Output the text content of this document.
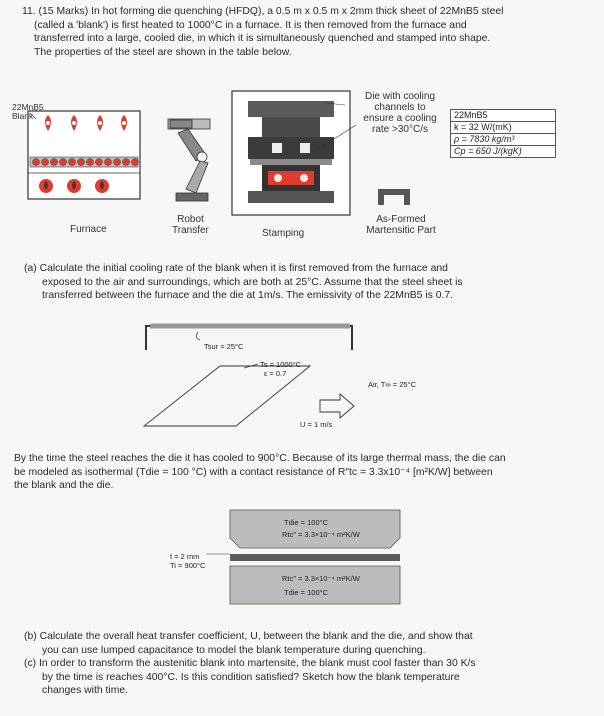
11. (15 Marks) In hot forming die quenching (HFDQ), a 0.5 m x 0.5 m x 2mm thick sheet of 22MnB5 steel
(called a 'blank') is first heated to 1000°C in a furnace. It is then removed from the furnace and
transferred into a large, cooled die, in which it is simultaneously quenched and stamped into shape.
The properties of the steel are shown in the table below.
22MnB5
Blank
Furnace
Robot
Transfer	Stamping
Die with cooling
channels to
ensure a cooling
rate >30°C/s
As-Formed
Martensitic Part
22MnB5
k = 32 W/(mK)
ρ = 7830 kg/m³
Cp = 650 J/(kgK)
(a) Calculate the initial cooling rate of the blank when it is first removed from the furnace and
exposed to the air and surroundings, which are both at 25°C. Assume that the steel sheet is
transferred between the furnace and the die at 1m/s. The emissivity of the 22MnB5 is 0.7.
Tsur = 25°C
Ts = 1000°C
ε = 0.7
Air, T∞ = 25°C
U = 1 m/s
By the time the steel reaches the die it has cooled to 900°C. Because of its large thermal mass, the die can
be modeled as isothermal (Tdie = 100 °C) with a contact resistance of R″tc = 3.3x10⁻⁴ [m²K/W] between
the blank and the die.
Tdie = 100°C
Rtc″ = 3.3×10⁻⁴ m²K/W
t = 2 mm
Ti = 900°C
Rtc″ = 3.3×10⁻⁴ m²K/W
Tdie = 100°C
(b) Calculate the overall heat transfer coefficient, U, between the blank and the die, and show that
you can use lumped capacitance to model the blank temperature during quenching.
(c) In order to transform the austenitic blank into martensite, the blank must cool faster than 30 K/s
by the time is reaches 400°C. Is this condition satisfied? Sketch how the blank temperature
changes with time.
